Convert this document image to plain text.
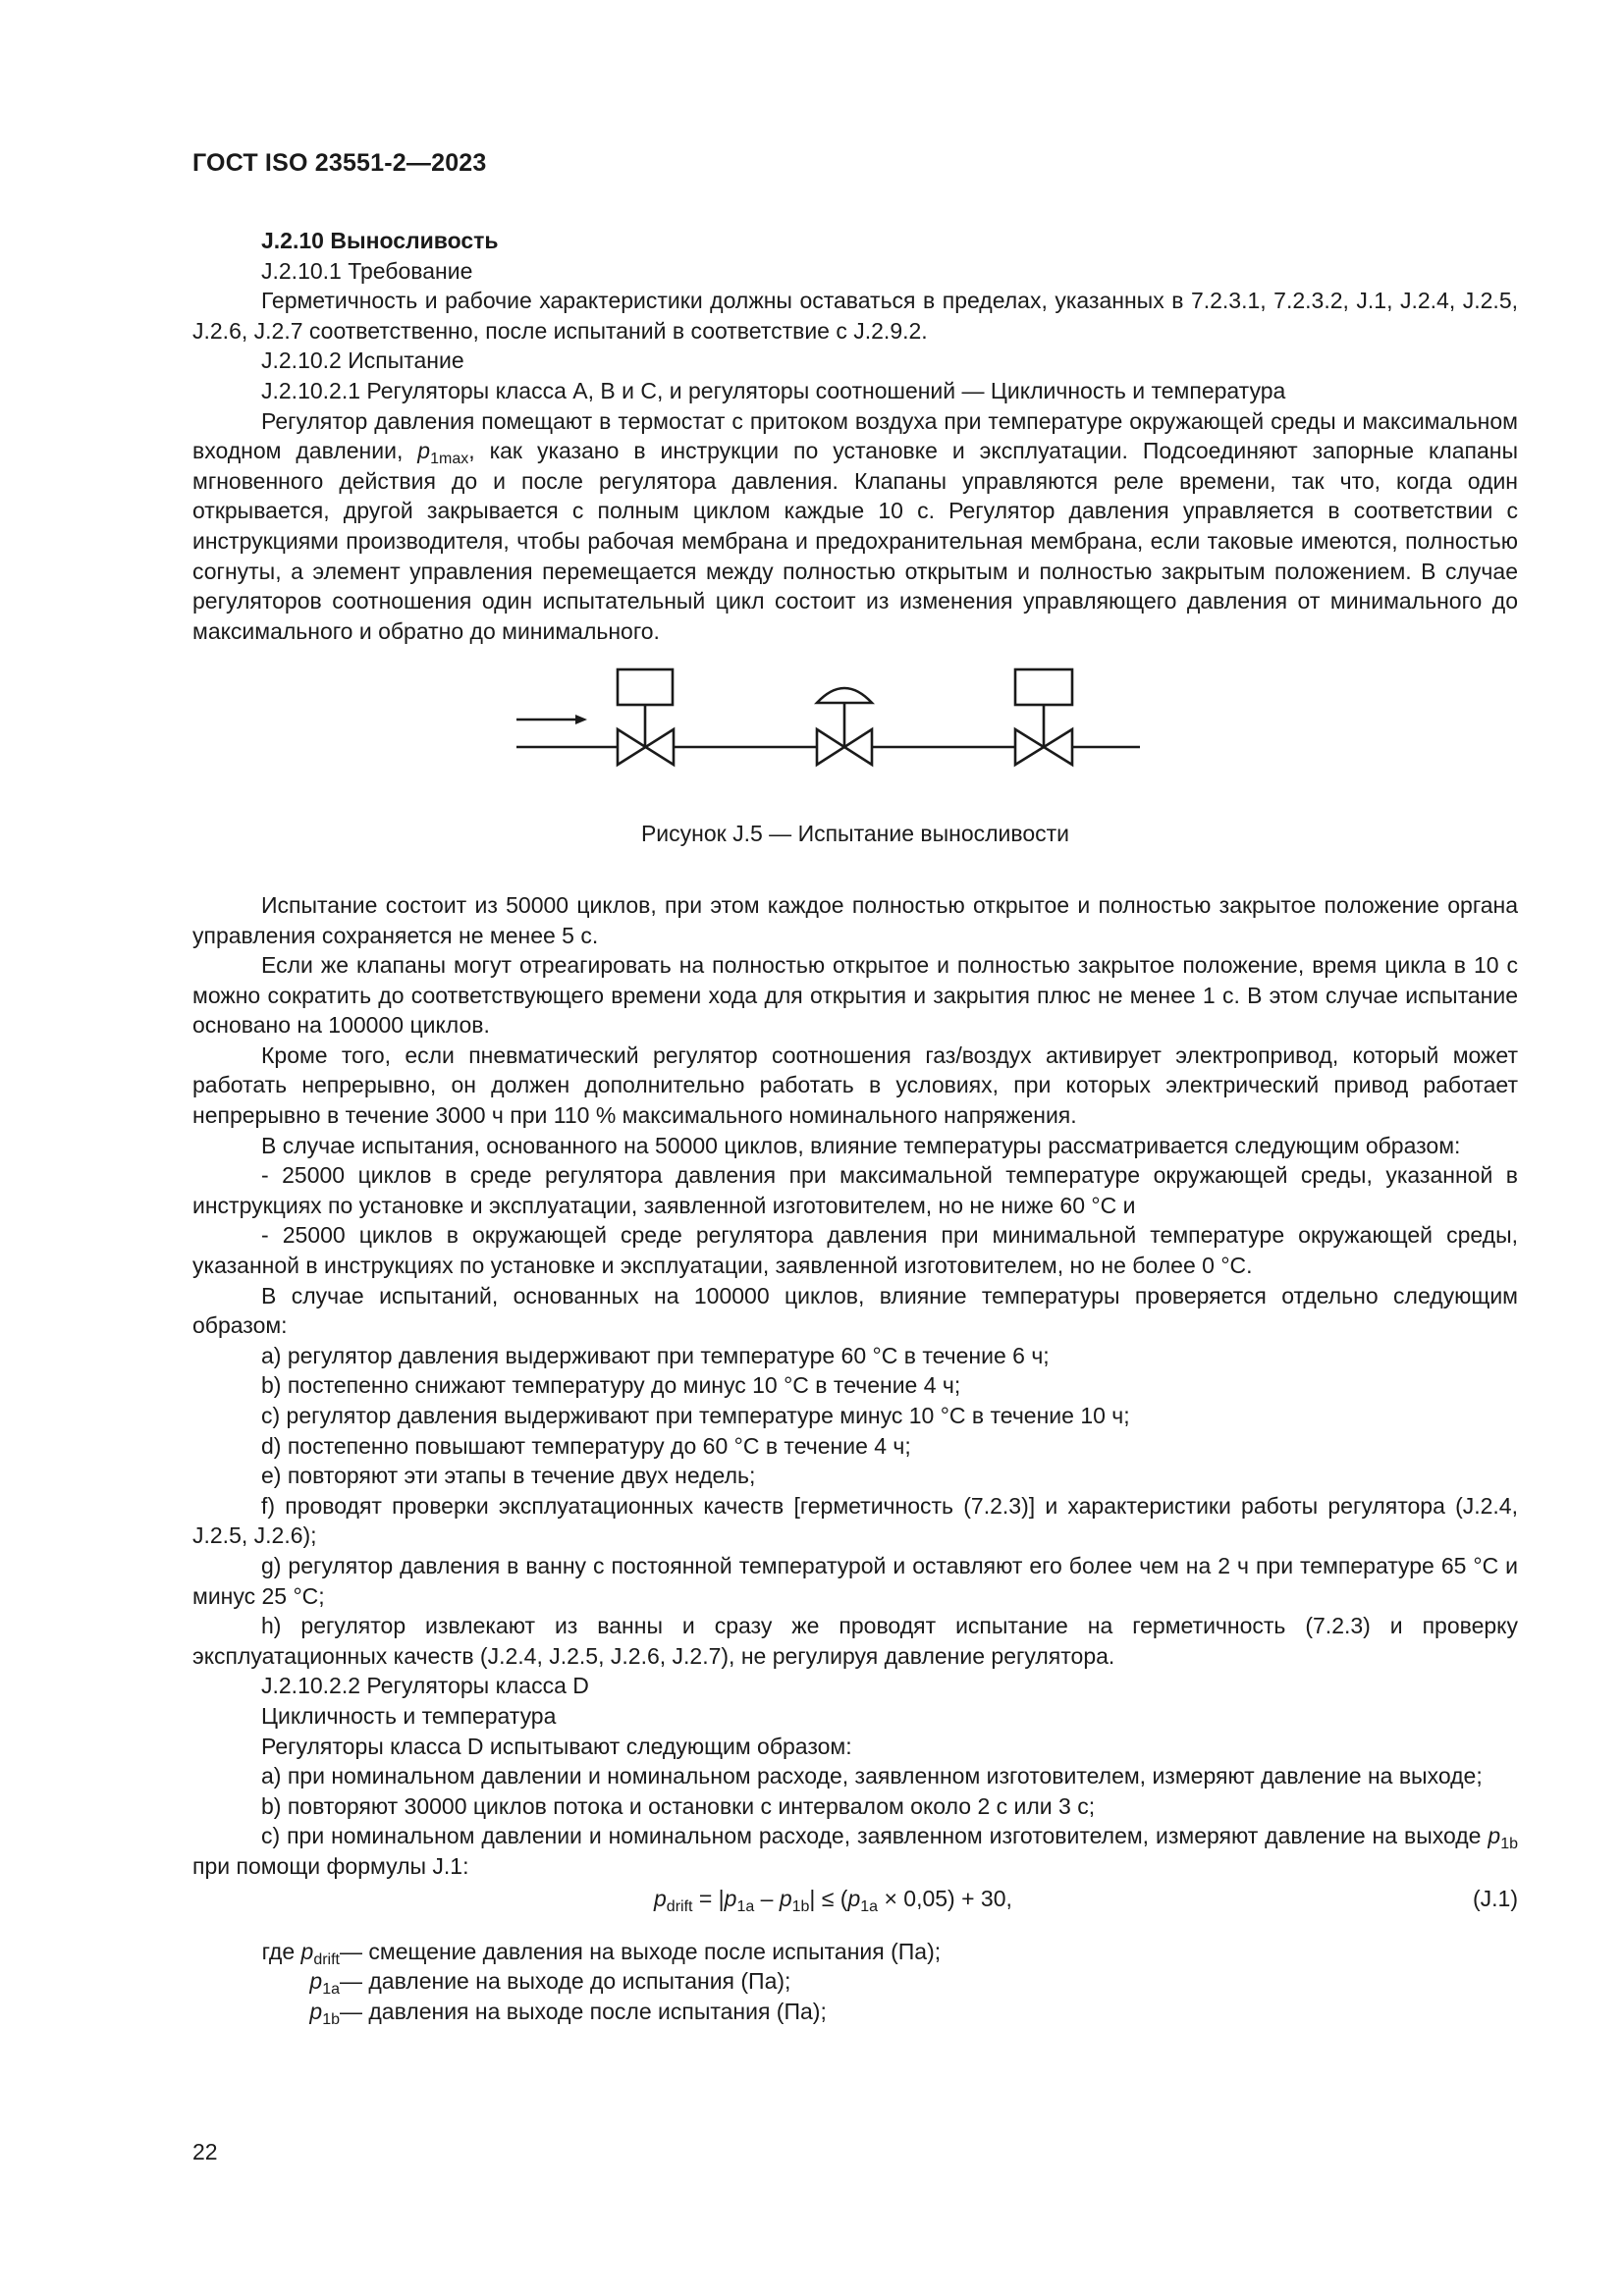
ГОСТ ISO 23551-2—2023

J.2.10 Выносливость

J.2.10.1 Требование

Герметичность и рабочие характеристики должны оставаться в пределах, указанных в 7.2.3.1, 7.2.3.2, J.1, J.2.4, J.2.5, J.2.6, J.2.7 соответственно, после испытаний в соответствие с J.2.9.2.

J.2.10.2 Испытание

J.2.10.2.1 Регуляторы класса A, B и C, и регуляторы соотношений — Цикличность и температура

Регулятор давления помещают в термостат с притоком воздуха при температуре окружающей среды и максимальном входном давлении, $p_{1max}$, как указано в инструкции по установке и эксплуатации. Подсоединяют запорные клапаны мгновенного действия до и после регулятора давления. Клапаны управляются реле времени, так что, когда один открывается, другой закрывается с полным циклом каждые 10 с. Регулятор давления управляется в соответствии с инструкциями производителя, чтобы рабочая мембрана и предохранительная мембрана, если таковые имеются, полностью согнуты, а элемент управления перемещается между полностью открытым и полностью закрытым положением. В случае регуляторов соотношения один испытательный цикл состоит из изменения управляющего давления от минимального до максимального и обратно до минимального.

Рисунок J.5 — Испытание выносливости

Испытание состоит из 50000 циклов, при этом каждое полностью открытое и полностью закрытое положение органа управления сохраняется не менее 5 с.

Если же клапаны могут отреагировать на полностью открытое и полностью закрытое положение, время цикла в 10 с можно сократить до соответствующего времени хода для открытия и закрытия плюс не менее 1 с. В этом случае испытание основано на 100000 циклов.

Кроме того, если пневматический регулятор соотношения газ/воздух активирует электропривод, который может работать непрерывно, он должен дополнительно работать в условиях, при которых электрический привод работает непрерывно в течение 3000 ч при 110 % максимального номинального напряжения.

В случае испытания, основанного на 50000 циклов, влияние температуры рассматривается следующим образом:

- 25000 циклов в среде регулятора давления при максимальной температуре окружающей среды, указанной в инструкциях по установке и эксплуатации, заявленной изготовителем, но не ниже 60 °С и

- 25000 циклов в окружающей среде регулятора давления при минимальной температуре окружающей среды, указанной в инструкциях по установке и эксплуатации, заявленной изготовителем, но не более 0 °С.

В случае испытаний, основанных на 100000 циклов, влияние температуры проверяется отдельно следующим образом:

a) регулятор давления выдерживают при температуре 60 °С в течение 6 ч;

b) постепенно снижают температуру до минус 10 °С в течение 4 ч;

c) регулятор давления выдерживают при температуре минус 10 °С в течение 10 ч;

d) постепенно повышают температуру до 60 °С в течение 4 ч;

e) повторяют эти этапы в течение двух недель;

f) проводят проверки эксплуатационных качеств [герметичность (7.2.3)] и характеристики работы регулятора (J.2.4, J.2.5, J.2.6);

g) регулятор давления в ванну с постоянной температурой и оставляют его более чем на 2 ч при температуре 65 °С и минус 25 °С;

h) регулятор извлекают из ванны и сразу же проводят испытание на герметичность (7.2.3) и проверку эксплуатационных качеств (J.2.4, J.2.5, J.2.6, J.2.7), не регулируя давление регулятора.

J.2.10.2.2 Регуляторы класса D

Цикличность и температура

Регуляторы класса D испытывают следующим образом:

a) при номинальном давлении и номинальном расходе, заявленном изготовителем, измеряют давление на выходе;

b) повторяют 30000 циклов потока и остановки с интервалом около 2 с или 3 с;

c) при номинальном давлении и номинальном расходе, заявленном изготовителем, измеряют давление на выходе $p_{1b}$ при помощи формулы J.1:

$p_{drift} = |p_{1a} - p_{1b}| \le (p_{1a} \times 0,05) + 30$,	(J.1)
где $p_{drift}$ — смещение давления на выходе после испытания (Па);
$p_{1a}$ — давление на выходе до испытания (Па);
$p_{1b}$ — давления на выходе после испытания (Па);
22
